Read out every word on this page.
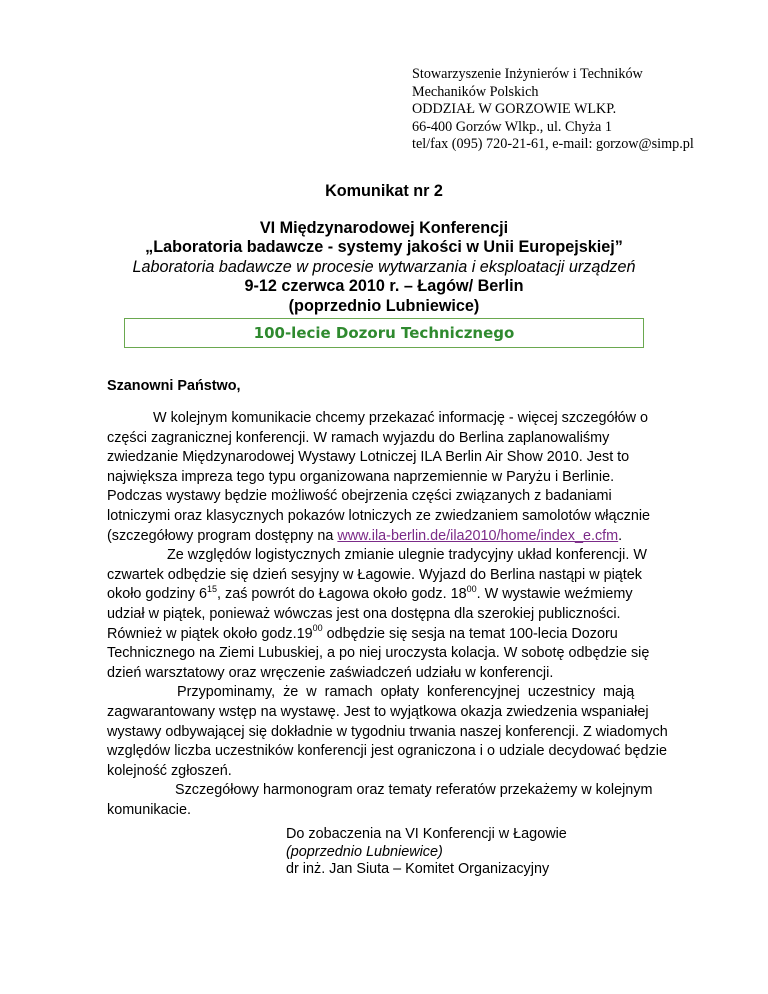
Stowarzyszenie Inżynierów i Techników
Mechaników Polskich
ODDZIAŁ W GORZOWIE WLKP.
66-400 Gorzów Wlkp., ul. Chyża 1
tel/fax (095) 720-21-61, e-mail: gorzow@simp.pl
Komunikat nr 2
VI Międzynarodowej Konferencji
„Laboratoria badawcze - systemy jakości w Unii Europejskiej”
Laboratoria badawcze w procesie wytwarzania i eksploatacji urządzeń
9-12 czerwca 2010 r. – Łagów/ Berlin
(poprzednio Lubniewice)
100-lecie Dozoru Technicznego
Szanowni Państwo,
W kolejnym komunikacie chcemy przekazać informację - więcej szczegółów o
części zagranicznej konferencji. W ramach wyjazdu do Berlina zaplanowaliśmy
zwiedzanie Międzynarodowej Wystawy Lotniczej ILA Berlin Air Show 2010. Jest to
największa impreza tego typu organizowana naprzemiennie w Paryżu i Berlinie.
Podczas wystawy będzie możliwość obejrzenia części związanych z badaniami
lotniczymi oraz klasycznych pokazów lotniczych ze zwiedzaniem samolotów włącznie
(szczegółowy program dostępny na www.ila-berlin.de/ila2010/home/index_e.cfm .
Ze względów logistycznych zmianie ulegnie tradycyjny układ konferencji. W
czwartek odbędzie się dzień sesyjny w Łagowie. Wyjazd do Berlina nastąpi w piątek
około godziny $6^{15}$, zaś powrót do Łagowa około godz. $18^{00}$. W wystawie weźmiemy
udział w piątek, ponieważ wówczas jest ona dostępna dla szerokiej publiczności.
Również w piątek około $godz.19^{00}$ odbędzie się sesja na temat 100-lecia Dozoru
Technicznego na Ziemi Lubuskiej, a po niej uroczysta kolacja. W sobotę odbędzie się
dzień warsztatowy oraz wręczenie zaświadczeń udziału w konferencji.
Przypominamy,  że  w  ramach  opłaty  konferencyjnej  uczestnicy  mają
zagwarantowany wstęp na wystawę. Jest to wyjątkowa okazja zwiedzenia wspaniałej
wystawy odbywającej się dokładnie w tygodniu trwania naszej konferencji. Z wiadomych
względów liczba uczestników konferencji jest ograniczona i o udziale decydować będzie
kolejność zgłoszeń.
Szczegółowy harmonogram oraz tematy referatów przekażemy w kolejnym
komunikacie.
Do zobaczenia na VI Konferencji w Łagowie
(poprzednio Lubniewice)
dr inż. Jan Siuta – Komitet Organizacyjny
